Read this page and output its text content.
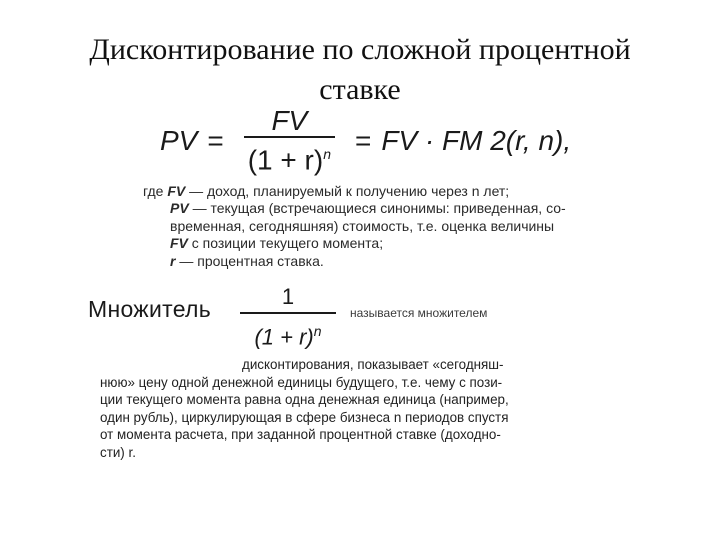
Дисконтирование по сложной процентной
ставке
PV = $\frac{FV}{(1 + r)^n}$ = FV · FM 2(r, n),
где FV — доход, планируемый к получению через n лет;
PV — текущая (встречающиеся синонимы: приведенная, со-
временная, сегодняшняя) стоимость, т.е. оценка величины
FV с позиции текущего момента;
r — процентная ставка.
Множитель	1
$(1 + r)^n$
называется множителем
дисконтирования, показывает «сегодняш-
нюю» цену одной денежной единицы будущего, т.е. чему с пози-
ции текущего момента равна одна денежная единица (например,
один рубль), циркулирующая в сфере бизнеса n периодов спустя
от момента расчета, при заданной процентной ставке (доходно-
сти) r.
